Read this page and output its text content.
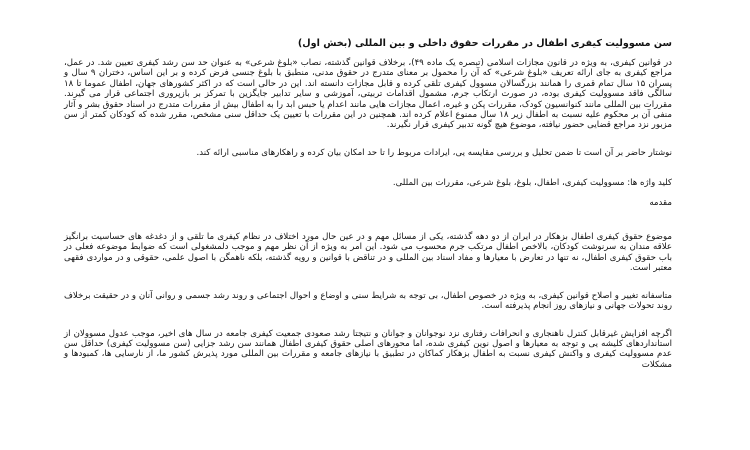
سن مسوولیت کیفری اطفال در مقررات حقوق داخلی و بین المللی (بخش اول)

در قوانین کیفری، به ویژه در قانون مجازات اسلامی (تبصره یک ماده ۴۹)، برخلاف قوانین گذشته، نصاب «بلوغ شرعی» به عنوان حد سن رشد کیفری تعیین شد. در عمل، مراجع کیفری به جای ارائه تعریف «بلوغ شرعی» که آن را محمول بر معنای متدرج در حقوق مدنی، منطبق با بلوغ جنسی فرض کرده و بر این اساس، دختران ۹ سال و پسران ۱۵ سال تمام قمری را همانند بزرگسالان مسوول کیفری تلقی کرده و قابل مجازات دانسته اند. این در حالی است که در اکثر کشورهای جهان، اطفال عموما تا ۱۸ سالگی فاقد مسوولیت کیفری بوده، در صورت ارتکاب جرم، مشمول اقدامات تربیتی، آموزشی و سایر تدابیر جایگزین با تمرکز بر بازپروری اجتماعی قرار می گیرند. مقررات بین المللی مانند کنوانسیون کودک، مقررات پکن و غیره، اعمال مجازات هایی مانند اعدام یا حبس ابد را به اطفال بیش از مقررات متدرج در اسناد حقوق بشر و آثار منفی آن بر محکوم علیه نسبت به اطفال زیر ۱۸ سال ممنوع اعلام کرده اند. همچنین در این مقررات با تعیین یک حداقل سنی مشخص، مقرر شده که کودکان کمتر از سن مزبور نزد مراجع قضایی حضور نیافته، موضوع هیچ گونه تدبیر کیفری قرار نگیرند.

نوشتار حاضر بر آن است تا ضمن تحلیل و بررسی مقایسه یی، ایرادات مربوط را تا حد امکان بیان کرده و راهکارهای مناسبی ارائه کند.

کلید واژه ها: مسوولیت کیفری، اطفال، بلوغ، بلوغ شرعی، مقررات بین المللی.

مقدمه

موضوع حقوق کیفری اطفال بزهکار در ایران از دو دهه گذشته، یکی از مسائل مهم و در عین حال مورد اختلاف در نظام کیفری ما تلقی و از دغدغه های حساسیت برانگیز علاقه مندان به سرنوشت کودکان، بالاخص اطفال مرتکب جرم محسوب می شود. این امر به ویژه از آن نظر مهم و موجب دلمشغولی است که ضوابط موضوعه فعلی در باب حقوق کیفری اطفال، نه تنها در تعارض با معیارها و مفاد اسناد بین المللی و در تناقض با قوانین و رویه گذشته، بلکه ناهمگن با اصول علمی، حقوقی و در مواردی فقهی معتبر است.

متاسفانه تغییر و اصلاح قوانین کیفری، به ویژه در خصوص اطفال، بی توجه به شرایط سنی و اوضاع و احوال اجتماعی و روند رشد جسمی و روانی آنان و در حقیقت برخلاف روند تحولات جهانی و نیازهای روز انجام پذیرفته است.

اگرچه افزایش غیرقابل کنترل ناهنجاری و انحرافات رفتاری نزد نوجوانان و جوانان و نتیجتا رشد صعودی جمعیت کیفری جامعه در سال های اخیر، موجب عدول مسوولان از استانداردهای کلیشه یی و توجه به معیارها و اصول نوین کیفری شده، اما محورهای اصلی حقوق کیفری اطفال همانند سن رشد جزایی (سن مسوولیت کیفری) حداقل سن عدم مسوولیت کیفری و واکنش کیفری نسبت به اطفال بزهکار کماکان در تطبیق با نیازهای جامعه و مقررات بین المللی مورد پذیرش کشور ما، از نارسایی ها، کمبودها و مشکلات
